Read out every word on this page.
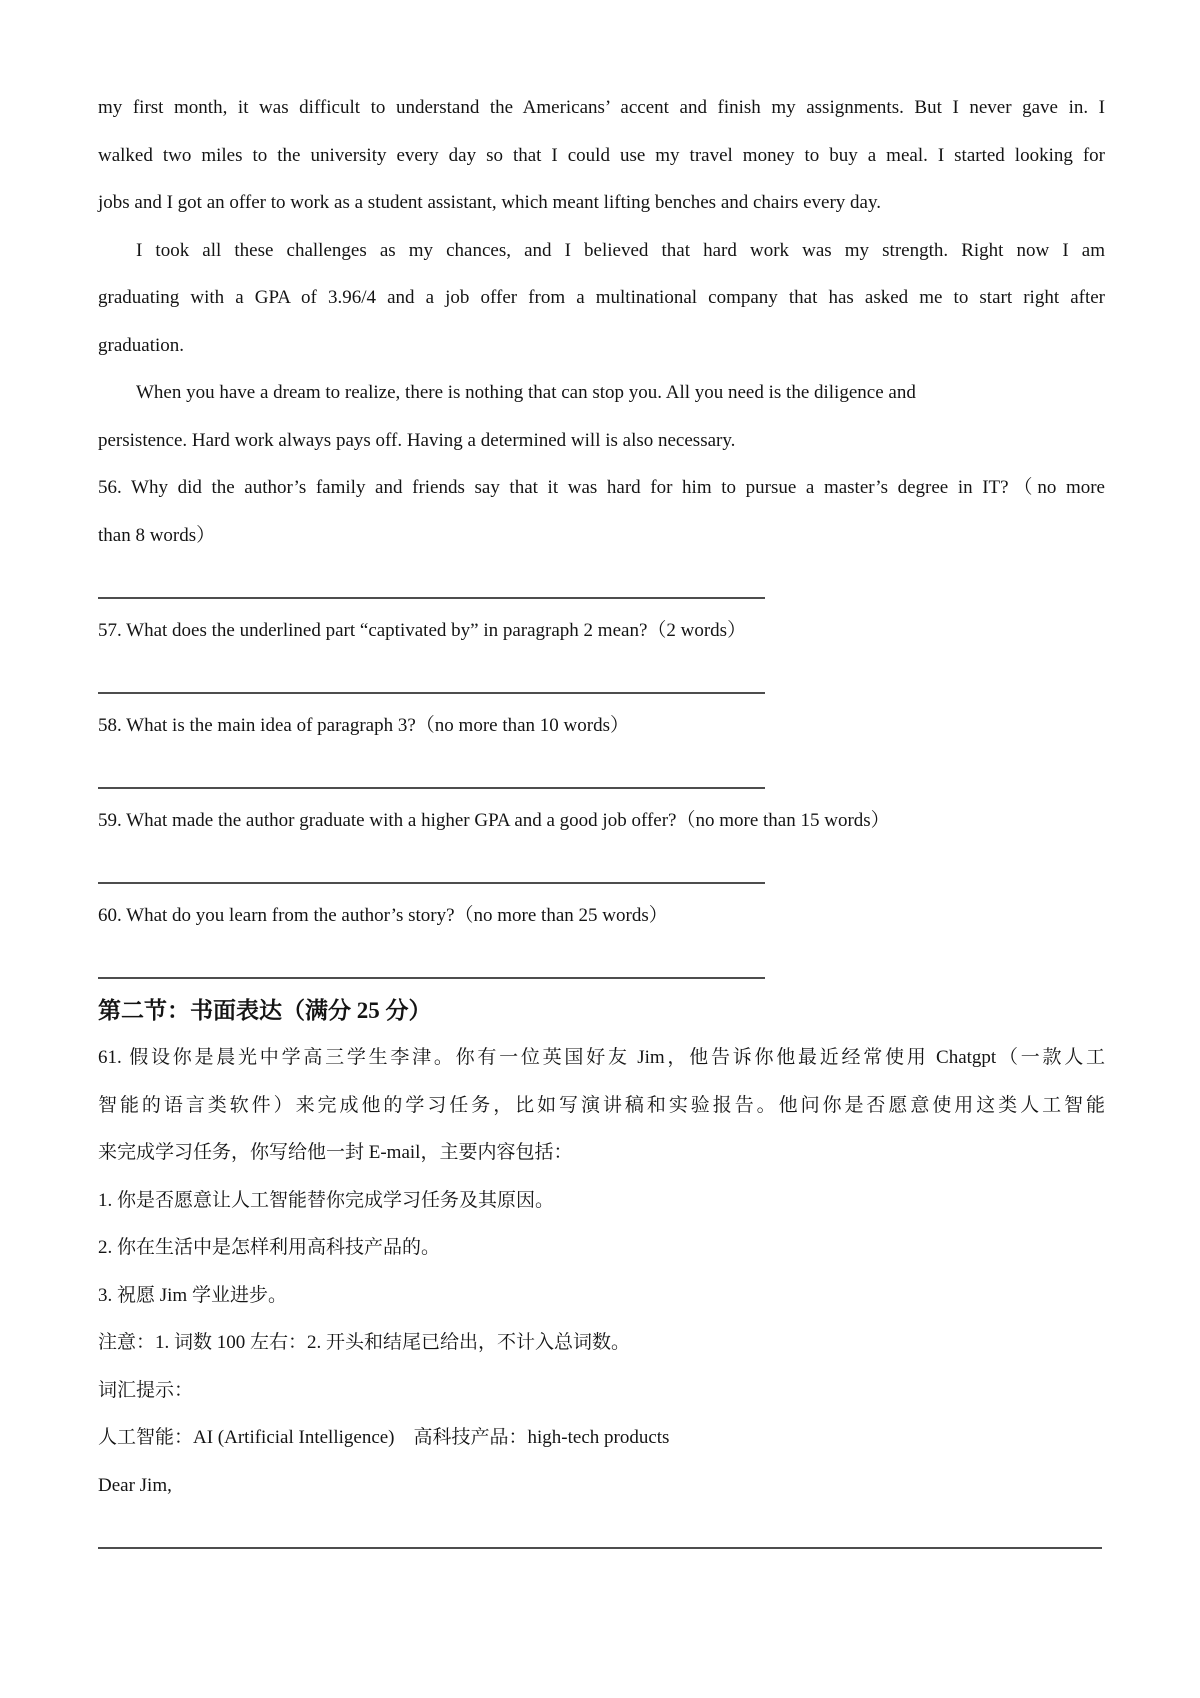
my first month, it was difficult to understand the Americans’ accent and finish my assignments. But I never gave in. I
walked two miles to the university every day so that I could use my travel money to buy a meal. I started looking for
jobs and I got an offer to work as a student assistant, which meant lifting benches and chairs every day.
I took all these challenges as my chances, and I believed that hard work was my strength. Right now I am
graduating with a GPA of 3.96/4 and a job offer from a multinational company that has asked me to start right after
graduation.
When you have a dream to realize, there is nothing that can stop you. All you need is the diligence and
persistence. Hard work always pays off. Having a determined will is also necessary.
56. Why did the author’s family and friends say that it was hard for him to pursue a master’s degree in IT?（no more
than 8 words）
57. What does the underlined part “captivated by” in paragraph 2 mean?（2 words）
58. What is the main idea of paragraph 3?（no more than 10 words）
59. What made the author graduate with a higher GPA and a good job offer?（no more than 15 words）
60. What do you learn from the author’s story?（no more than 25 words）
第二节：书面表达（满分 25 分）
61. 假设你是晨光中学高三学生李津。你有一位英国好友 Jim，他告诉你他最近经常使用 Chatgpt（一款人工
智能的语言类软件）来完成他的学习任务，比如写演讲稿和实验报告。他问你是否愿意使用这类人工智能
来完成学习任务，你写给他一封 E-mail，主要内容包括：
1. 你是否愿意让人工智能替你完成学习任务及其原因。
2. 你在生活中是怎样利用高科技产品的。
3. 祝愿 Jim 学业进步。
注意：1. 词数 100 左右：2. 开头和结尾已给出，不计入总词数。
词汇提示：
人工智能：AI (Artificial Intelligence)　高科技产品：high-tech products
Dear Jim,
